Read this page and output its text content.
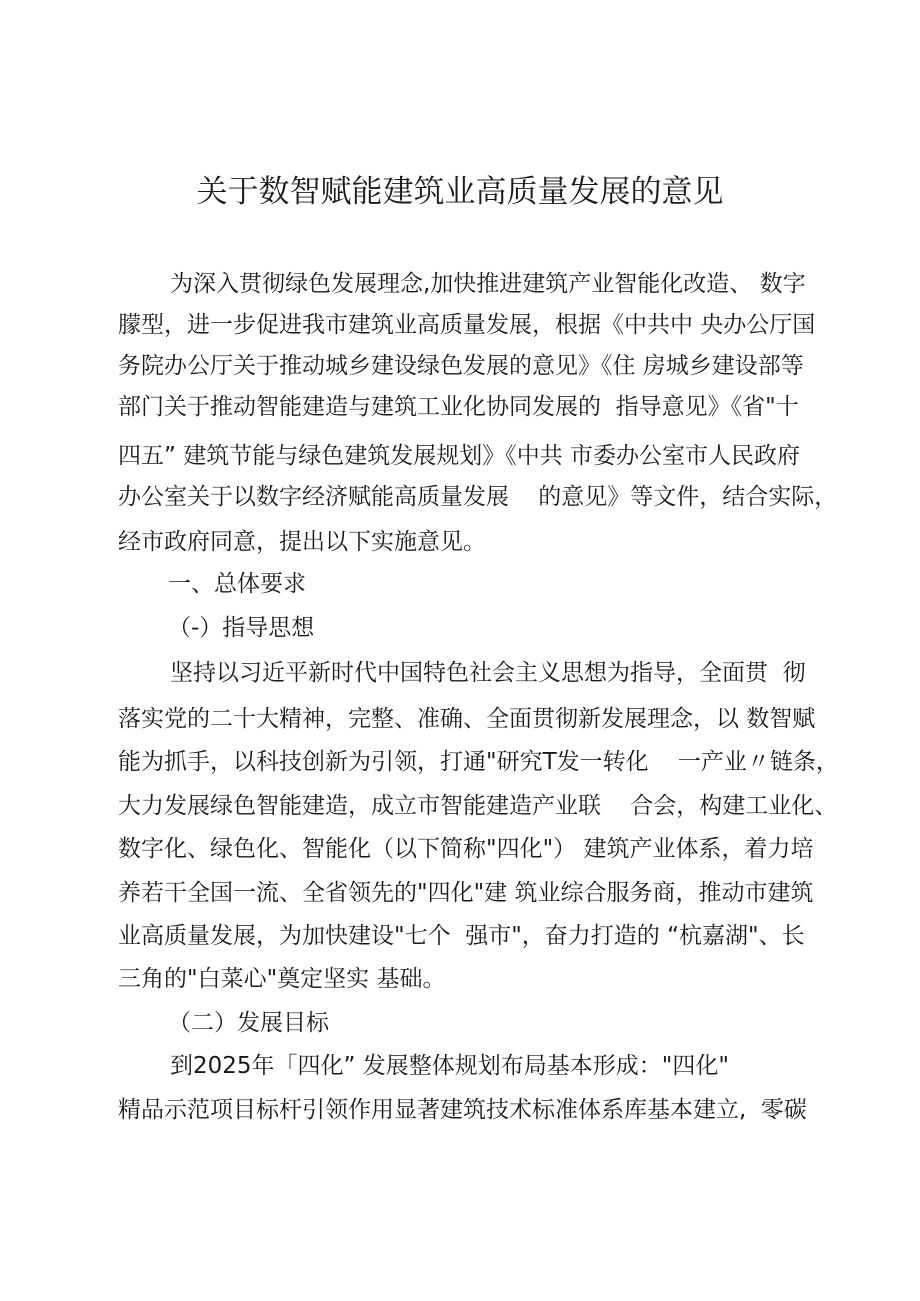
关于数智赋能建筑业高质量发展的意见
为深入贯彻绿色发展理念,加快推进建筑产业智能化改造、 数字
朦型，进一步促进我市建筑业高质量发展，根据《中共中 央办公厅国
务院办公厅关于推动城乡建设绿色发展的意见》《住 房城乡建设部等
部门关于推动智能建造与建筑工业化协同发展的  指导意见》《省"十
四五” 建筑节能与绿色建筑发展规划》《中共 市委办公室市人民政府
办公室关于以数字经济赋能高质量发展    的意见》等文件，结合实际，
经市政府同意，提出以下实施意见。
一、总体要求
（-）指导思想
坚持以习近平新时代中国特色社会主义思想为指导，全面贯  彻
落实党的二十大精神，完整、准确、全面贯彻新发展理念，以 数智赋
能为抓手，以科技创新为引领，打通"研究T发一转化    一产业〃链条，
大力发展绿色智能建造，成立市智能建造产业联    合会，构建工业化、
数字化、绿色化、智能化（以下简称"四化"） 建筑产业体系，着力培
养若干全国一流、全省领先的"四化"建 筑业综合服务商，推动市建筑
业高质量发展，为加快建设"七个  强市"，奋力打造的 “杭嘉湖"、长
三角的"白菜心"奠定坚实 基础。
（二）发展目标
到2025年「四化” 发展整体规划布局基本形成："四化"
精品示范项目标杆引领作用显著建筑技术标准体系库基本建立,  零碳
